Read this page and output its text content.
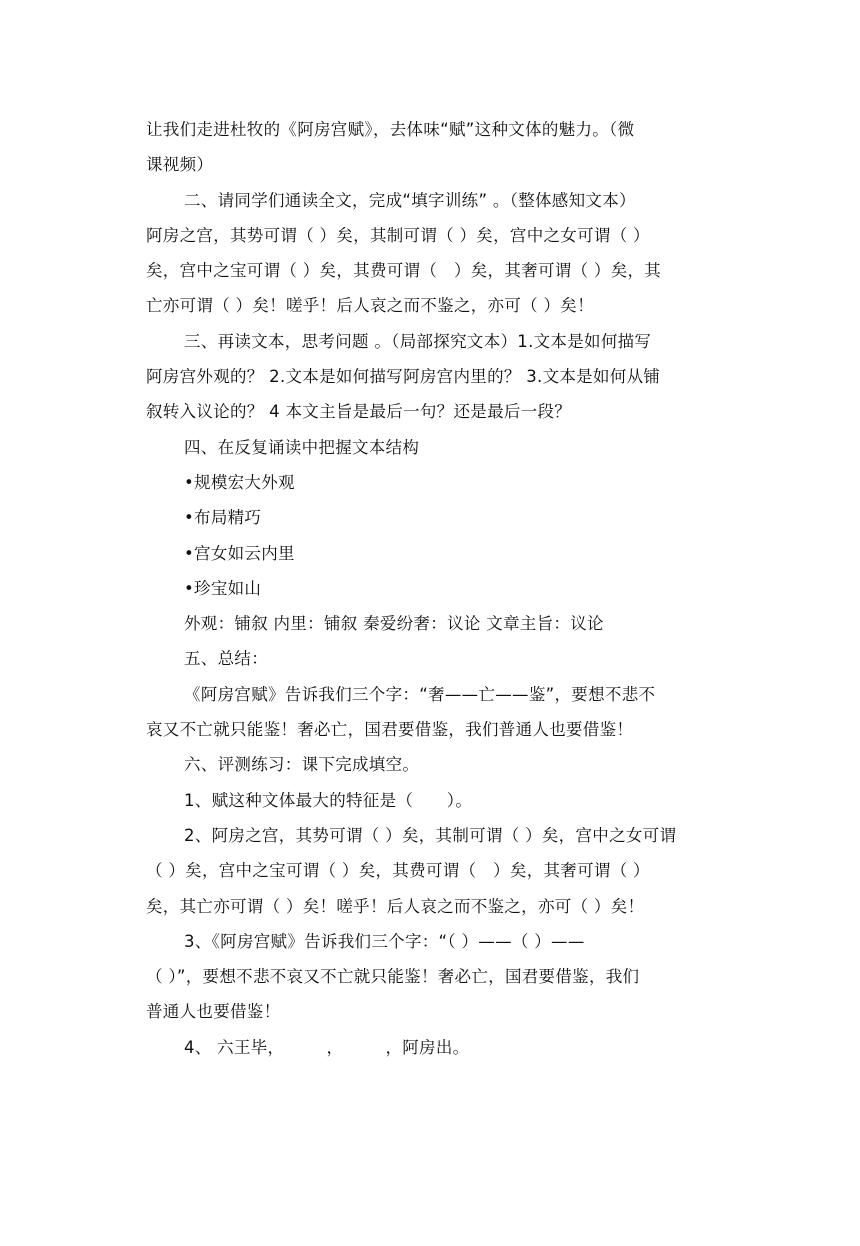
让我们走进杜牧的《阿房宫赋》，去体味“赋”这种文体的魅力。（微

课视频）

二、请同学们通读全文，完成“填字训练” 。（整体感知文本）

阿房之宫，其势可谓（ ）矣，其制可谓（ ）矣，宫中之女可谓（ ）

矣，宫中之宝可谓（ ）矣，其费可谓（　）矣，其奢可谓（ ）矣，其

亡亦可谓（ ）矣！嗟乎！后人哀之而不鉴之，亦可（ ）矣！

三、再读文本，思考问题 。（局部探究文本）1.文本是如何描写

阿房宫外观的？ 2.文本是如何描写阿房宫内里的？ 3.文本是如何从铺

叙转入议论的？ 4 本文主旨是最后一句？还是最后一段？

四、在反复诵读中把握文本结构

•规模宏大外观

•布局精巧

•宫女如云内里

•珍宝如山

外观：铺叙 内里：铺叙 秦爱纷奢：议论 文章主旨：议论

五、总结：

《阿房宫赋》告诉我们三个字：“奢——亡——鉴”，要想不悲不

哀又不亡就只能鉴！奢必亡，国君要借鉴，我们普通人也要借鉴！

六、评测练习：课下完成填空。

1、赋这种文体最大的特征是（　　）。

2、阿房之宫，其势可谓（ ）矣，其制可谓（ ）矣，宫中之女可谓

（ ）矣，宫中之宝可谓（ ）矣，其费可谓（　）矣，其奢可谓（ ）

矣，其亡亦可谓（ ）矣！嗟乎！后人哀之而不鉴之，亦可（ ）矣！

3、《阿房宫赋》告诉我们三个字：“（ ）——（ ）——

（ ）”，要想不悲不哀又不亡就只能鉴！奢必亡，国君要借鉴，我们

普通人也要借鉴！

4、 六王毕，　　　，　　　，阿房出。
